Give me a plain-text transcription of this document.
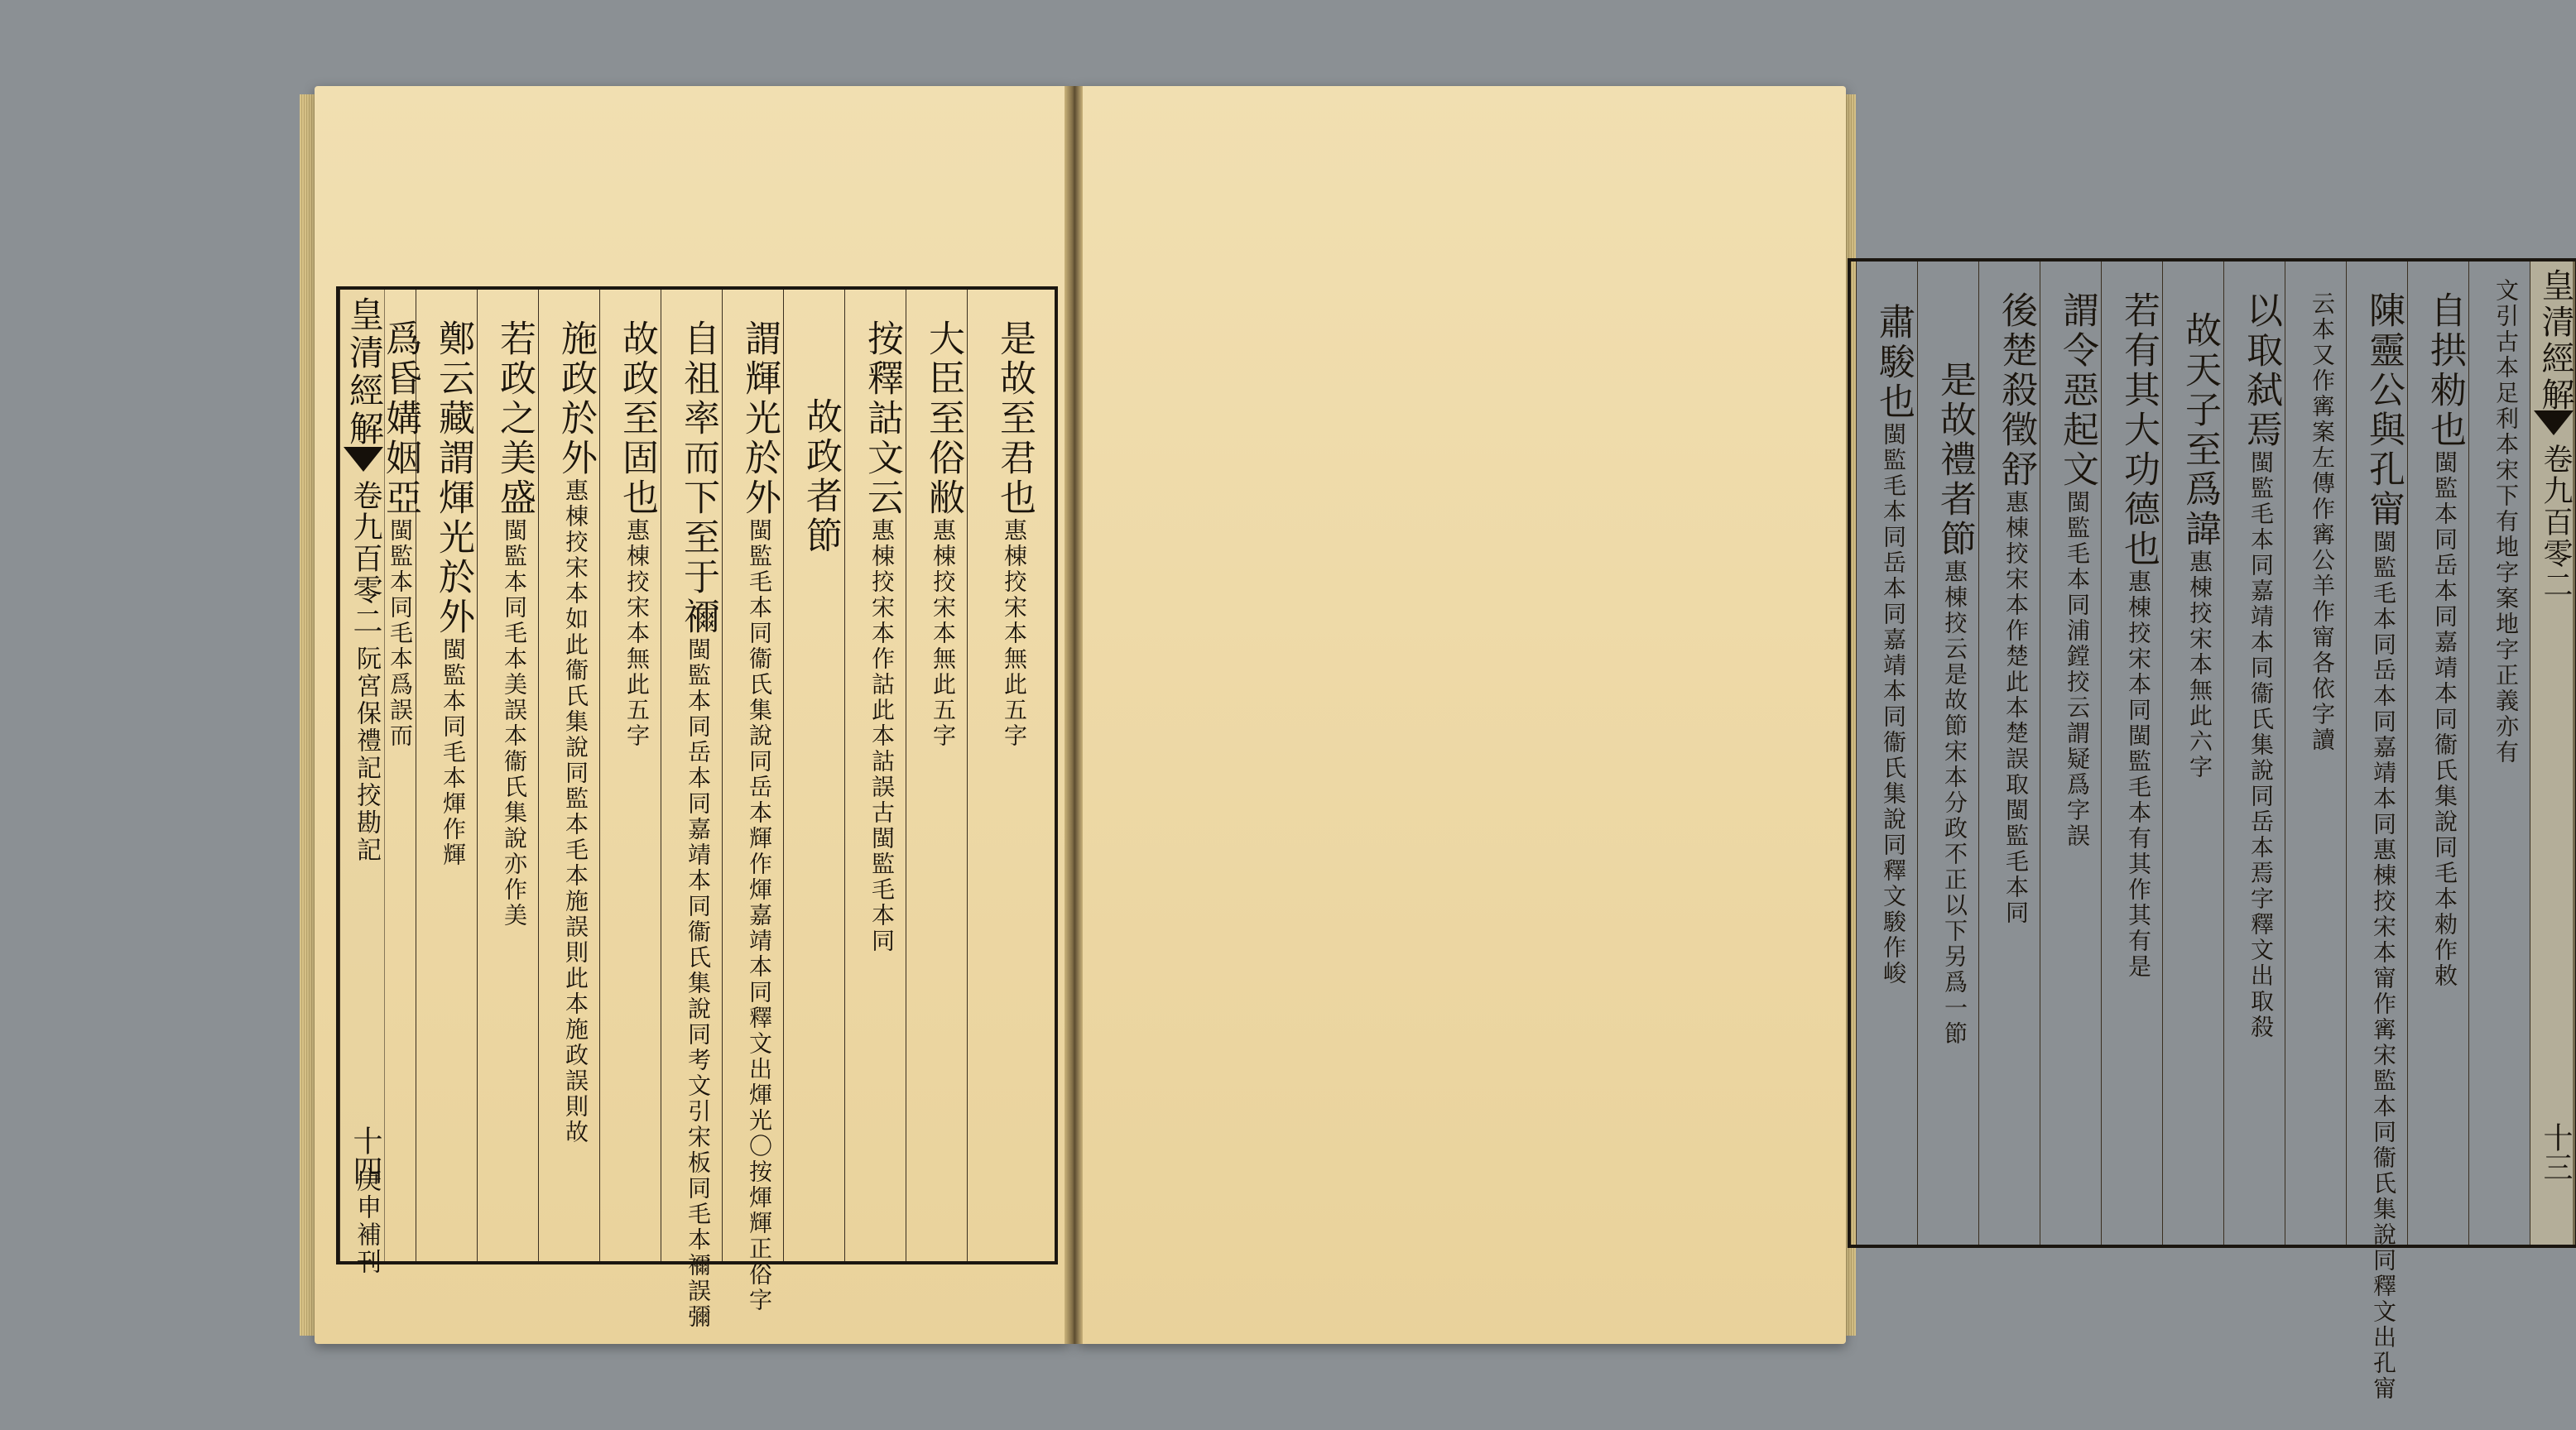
是故至君也惠棟挍宋本無此五字
大臣至俗敝惠棟挍宋本無此五字
按釋詁文云惠棟挍宋本作詁此本詁誤古閩監毛本同
故政者節
謂輝光於外閩監毛本同衞氏集說同岳本輝作煇嘉靖本同釋文出煇光〇按煇輝正俗字
自祖率而下至于禰閩監本同岳本同嘉靖本同衞氏集說同考文引宋板同毛本禰誤彌
故政至固也惠棟挍宋本無此五字
施政於外惠棟挍宋本如此衞氏集說同監本毛本施誤則此本施政誤則故
若政之美盛閩監本同毛本美誤本衞氏集說亦作美
鄭云藏謂煇光於外閩監本同毛本煇作輝
爲昏媾姻亞閩監本同毛本爲誤而
皇清經解
卷九百零二
阮宮保禮記挍勘記
十四
庚申補刊
皇清經解
卷九百零二
十三
文引古本足利本宋下有地字案地字正義亦有
自拱勑也閩監本同岳本同嘉靖本同衞氏集說同毛本勑作敕
陳靈公與孔甯閩監毛本同岳本同嘉靖本同惠棟挍宋本甯作寗宋監本同衞氏集說同釋文出孔甯
云本又作寗案左傳作寗公羊作甯各依字讀
以取弑焉閩監毛本同嘉靖本同衞氏集說同岳本焉字釋文出取殺
故天子至爲諱惠棟挍宋本無此六字
若有其大功德也惠棟挍宋本同閩監毛本有其作其有是
謂令惡起文閩監毛本同浦鏜挍云謂疑爲字誤
後楚殺徵舒惠棟挍宋本作楚此本楚誤取閩監毛本同
是故禮者節惠棟挍云是故節宋本分政不正以下另爲一節
肅駿也閩監毛本同岳本同嘉靖本同衞氏集說同釋文駿作峻
